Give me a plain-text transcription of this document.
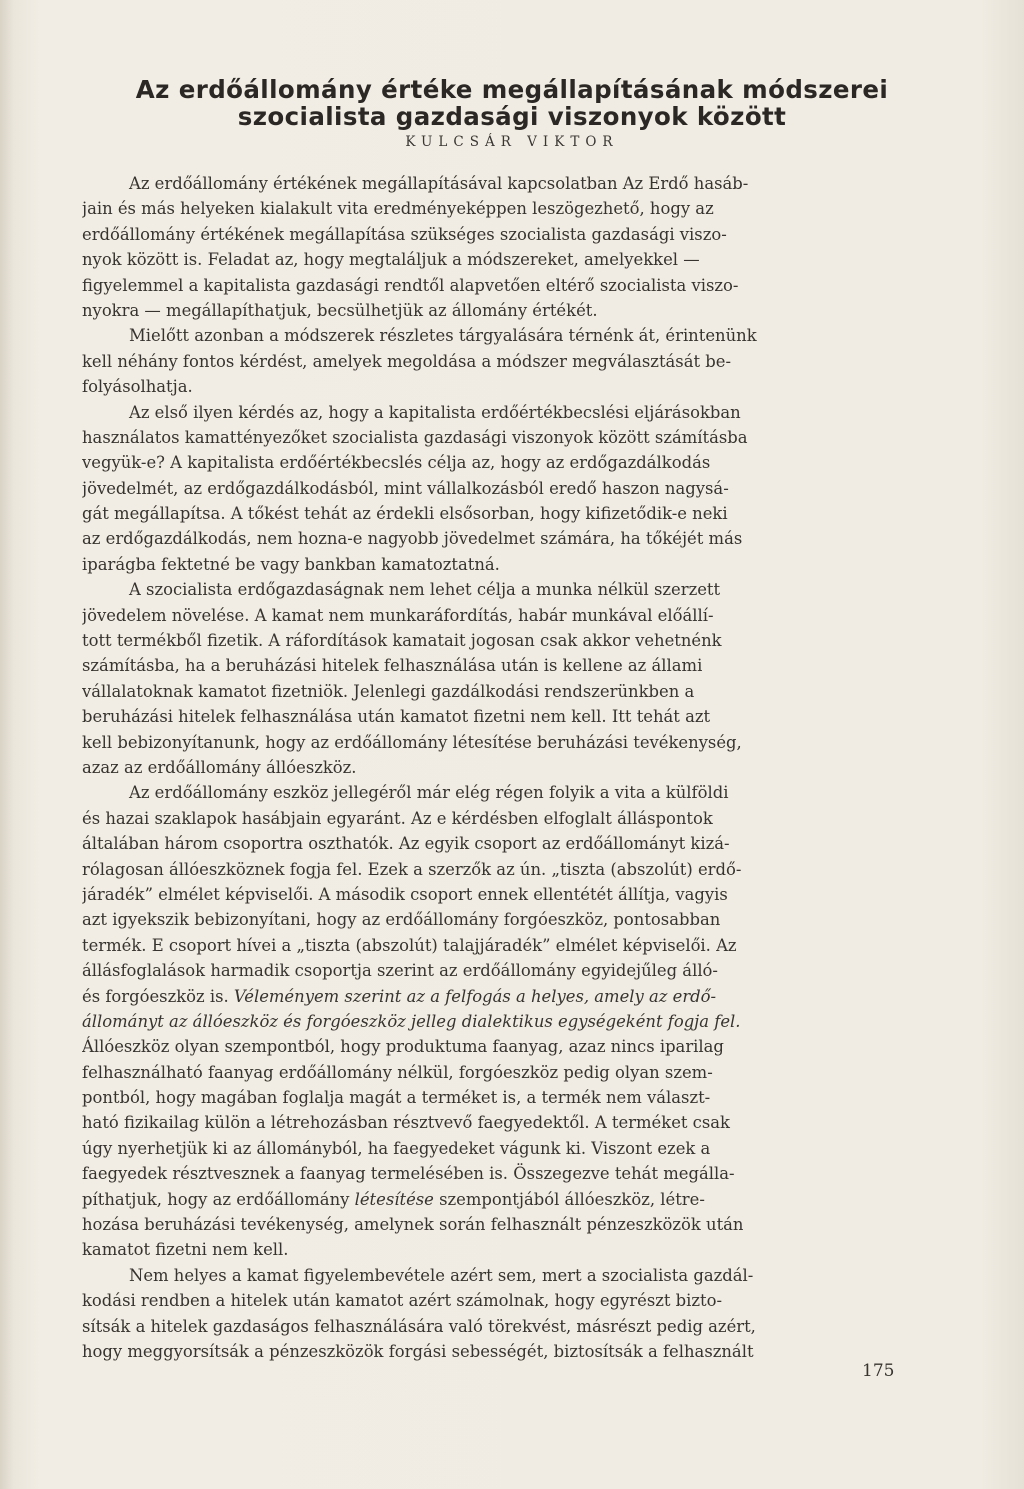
Az erdőállomány értéke megállapításának módszerei
szocialista gazdasági viszonyok között
KULCSÁR VIKTOR
Az erdőállomány értékének megállapításával kapcsolatban Az Erdő hasáb-
jain és más helyeken kialakult vita eredményeképpen leszögezhető, hogy az
erdőállomány értékének megállapítása szükséges szocialista gazdasági viszo-
nyok között is. Feladat az, hogy megtaláljuk a módszereket, amelyekkel —
figyelemmel a kapitalista gazdasági rendtől alapvetően eltérő szocialista viszo-
nyokra — megállapíthatjuk, becsülhetjük az állomány értékét.
Mielőtt azonban a módszerek részletes tárgyalására térnénk át, érintenünk
kell néhány fontos kérdést, amelyek megoldása a módszer megválasztását be-
folyásolhatja.
Az első ilyen kérdés az, hogy a kapitalista erdőértékbecslési eljárásokban
használatos kamattényezőket szocialista gazdasági viszonyok között számításba
vegyük-e? A kapitalista erdőértékbecslés célja az, hogy az erdőgazdálkodás
jövedelmét, az erdőgazdálkodásból, mint vállalkozásból eredő haszon nagysá-
gát megállapítsa. A tőkést tehát az érdekli elsősorban, hogy kifizetődik-e neki
az erdőgazdálkodás, nem hozna-e nagyobb jövedelmet számára, ha tőkéjét más
iparágba fektetné be vagy bankban kamatoztatná.
A szocialista erdőgazdaságnak nem lehet célja a munka nélkül szerzett
jövedelem növelése. A kamat nem munkaráfordítás, habár munkával előállí-
tott termékből fizetik. A ráfordítások kamatait jogosan csak akkor vehetnénk
számításba, ha a beruházási hitelek felhasználása után is kellene az állami
vállalatoknak kamatot fizetniök. Jelenlegi gazdálkodási rendszerünkben a
beruházási hitelek felhasználása után kamatot fizetni nem kell. Itt tehát azt
kell bebizonyítanunk, hogy az erdőállomány létesítése beruházási tevékenység,
azaz az erdőállomány állóeszköz.
Az erdőállomány eszköz jellegéről már elég régen folyik a vita a külföldi
és hazai szaklapok hasábjain egyaránt. Az e kérdésben elfoglalt álláspontok
általában három csoportra oszthatók. Az egyik csoport az erdőállományt kizá-
rólagosan állóeszköznek fogja fel. Ezek a szerzők az ún. „tiszta (abszolút) erdő-
járadék” elmélet képviselői. A második csoport ennek ellentétét állítja, vagyis
azt igyekszik bebizonyítani, hogy az erdőállomány forgóeszköz, pontosabban
termék. E csoport hívei a „tiszta (abszolút) talajjáradék” elmélet képviselői. Az
állásfoglalások harmadik csoportja szerint az erdőállomány egyidejűleg álló-
és forgóeszköz is. Véleményem szerint az a felfogás a helyes, amely az erdő-
állományt az állóeszköz és forgóeszköz jelleg dialektikus egységeként fogja fel.
Állóeszköz olyan szempontból, hogy produktuma faanyag, azaz nincs iparilag
felhasználható faanyag erdőállomány nélkül, forgóeszköz pedig olyan szem-
pontból, hogy magában foglalja magát a terméket is, a termék nem választ-
ható fizikailag külön a létrehozásban résztvevő faegyedektől. A terméket csak
úgy nyerhetjük ki az állományból, ha faegyedeket vágunk ki. Viszont ezek a
faegyedek résztvesznek a faanyag termelésében is. Összegezve tehát megálla-
píthatjuk, hogy az erdőállomány létesítése szempontjából állóeszköz, létre-
hozása beruházási tevékenység, amelynek során felhasznált pénzeszközök után
kamatot fizetni nem kell.
Nem helyes a kamat figyelembevétele azért sem, mert a szocialista gazdál-
kodási rendben a hitelek után kamatot azért számolnak, hogy egyrészt bizto-
sítsák a hitelek gazdaságos felhasználására való törekvést, másrészt pedig azért,
hogy meggyorsítsák a pénzeszközök forgási sebességét, biztosítsák a felhasznált
175
